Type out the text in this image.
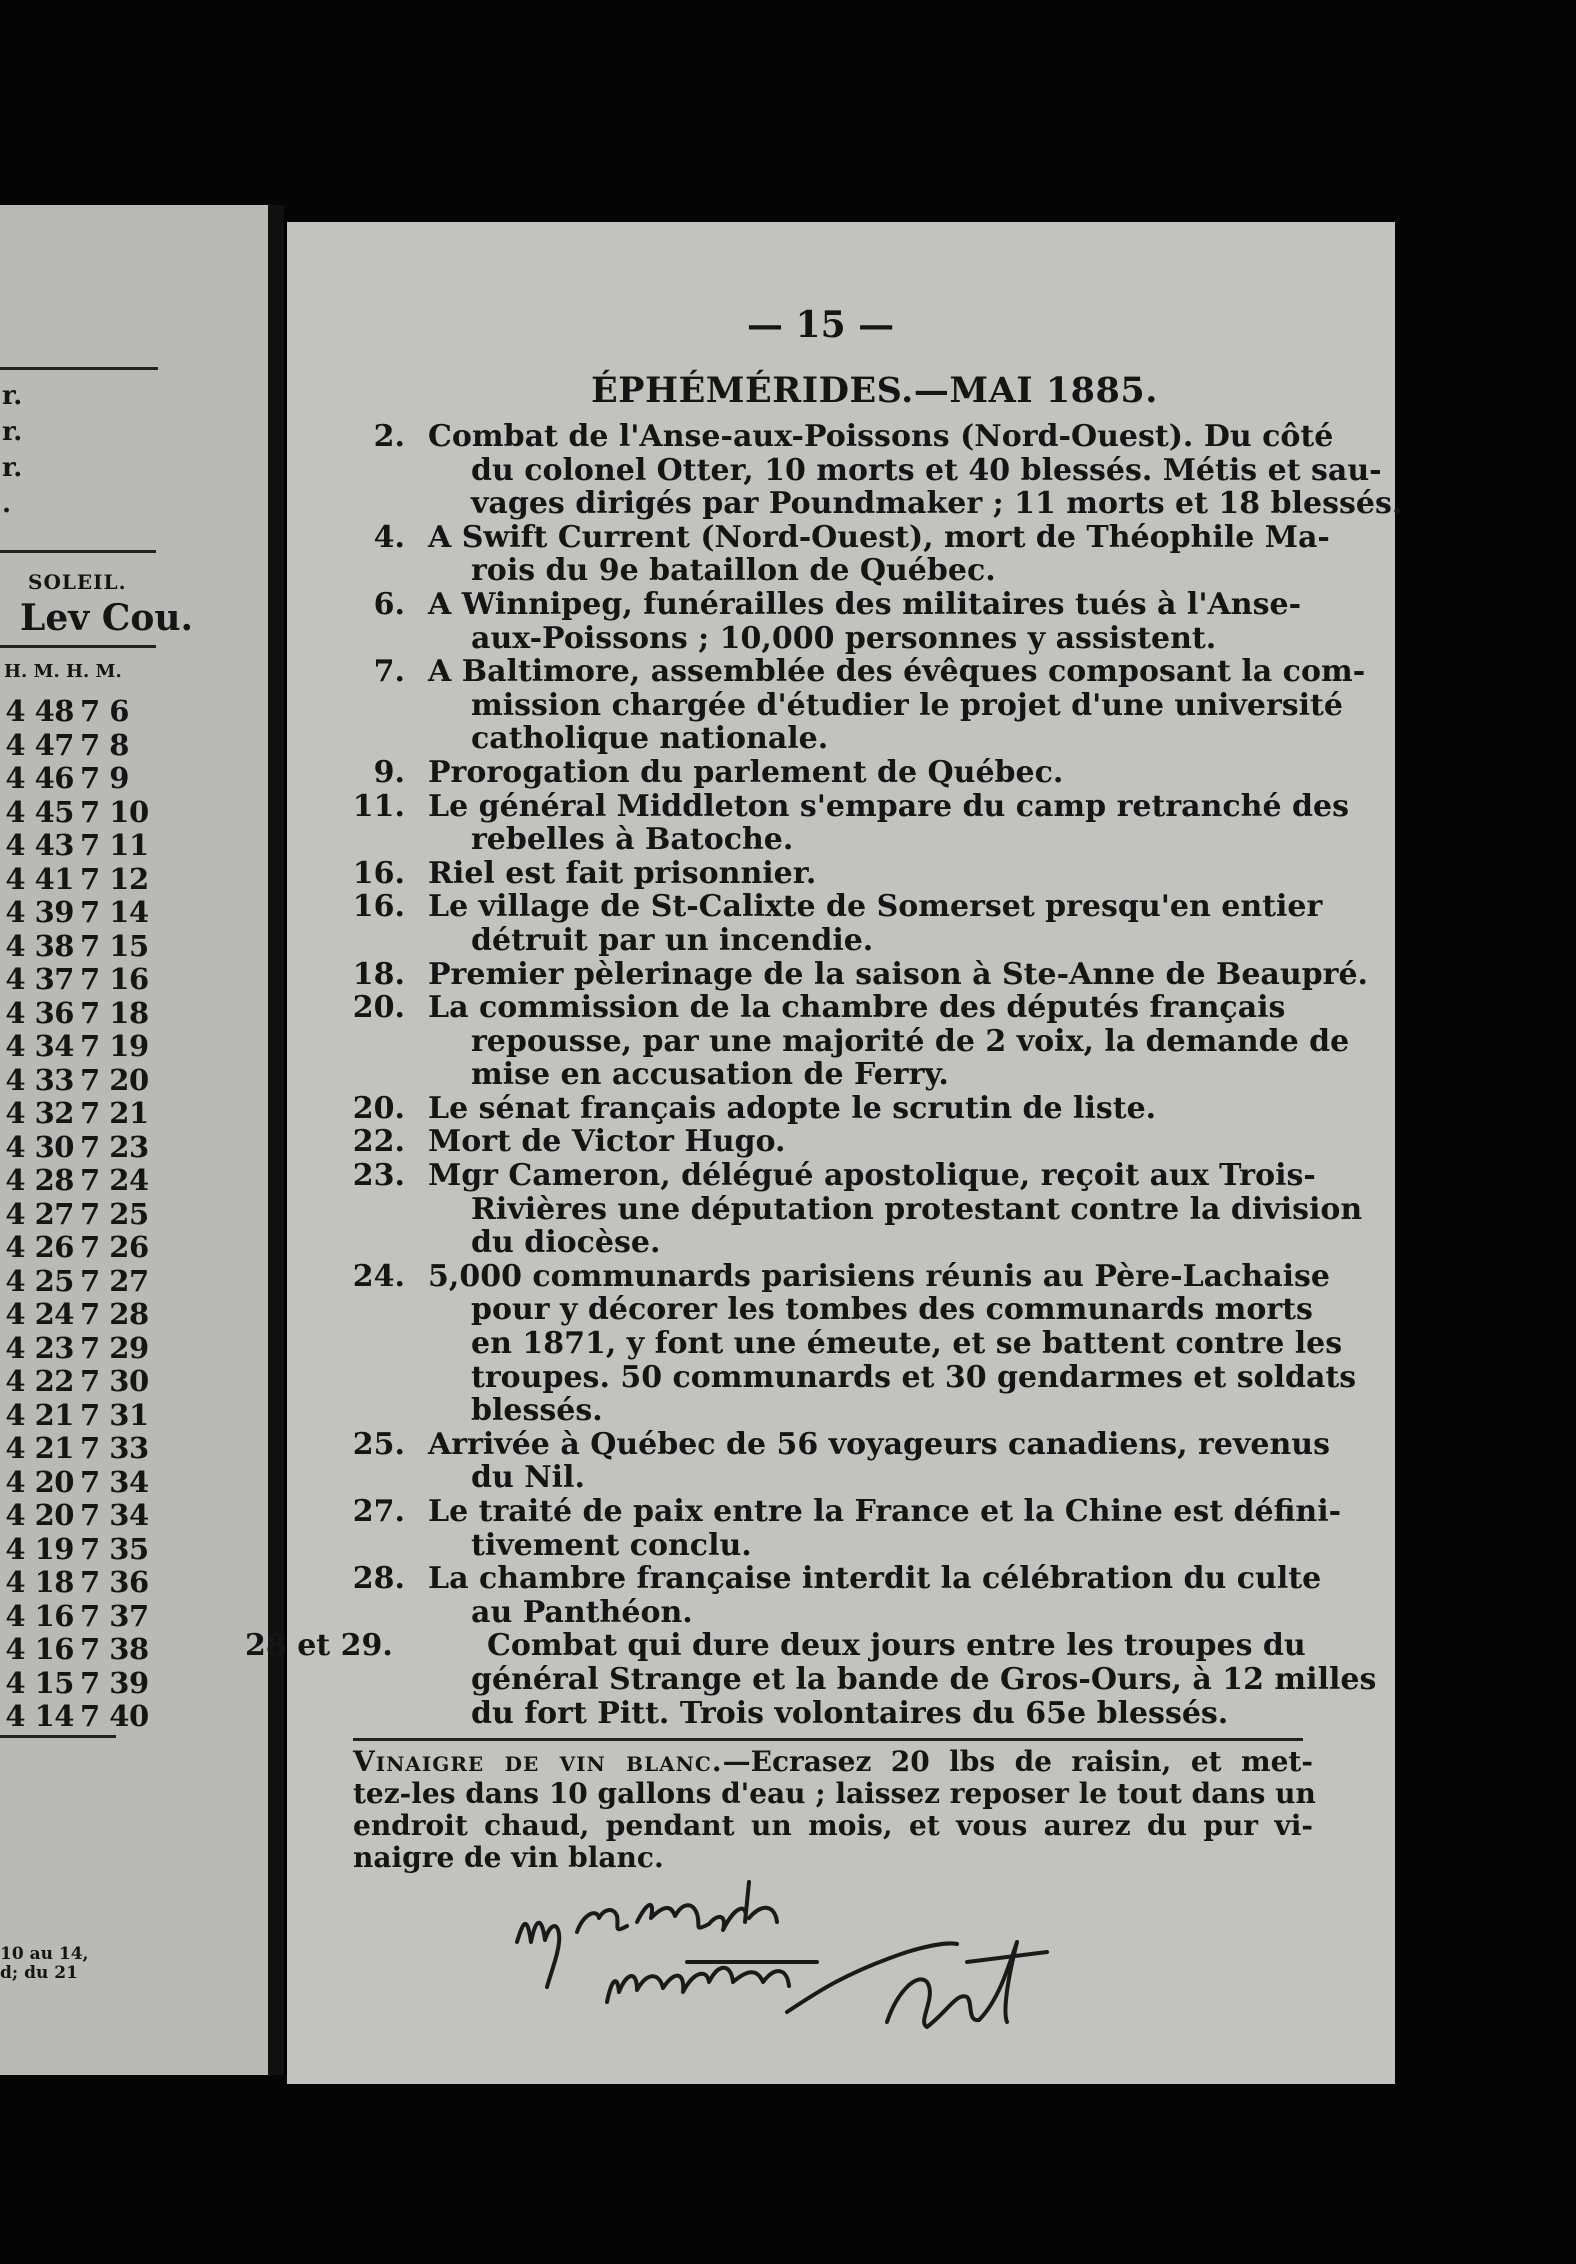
r.
r.
r.
.
SOLEIL.
Lev Cou.
H. M. H. M.
4 48 7 6
4 47 7 8
4 46 7 9
4 45 7 10
4 43 7 11
4 41 7 12
4 39 7 14
4 38 7 15
4 37 7 16
4 36 7 18
4 34 7 19
4 33 7 20
4 32 7 21
4 30 7 23
4 28 7 24
4 27 7 25
4 26 7 26
4 25 7 27
4 24 7 28
4 23 7 29
4 22 7 30
4 21 7 31
4 21 7 33
4 20 7 34
4 20 7 34
4 19 7 35
4 18 7 36
4 16 7 37
4 16 7 38
4 15 7 39
4 14 7 40
10 au 14,
d; du 21
— 15 —
ÉPHÉMÉRIDES.—MAI 1885.
2. Combat de l'Anse-aux-Poissons (Nord-Ouest). Du côté
du colonel Otter, 10 morts et 40 blessés. Métis et sau-
vages dirigés par Poundmaker ; 11 morts et 18 blessés.
4. A Swift Current (Nord-Ouest), mort de Théophile Ma-
rois du 9e bataillon de Québec.
6. A Winnipeg, funérailles des militaires tués à l'Anse-
aux-Poissons ; 10,000 personnes y assistent.
7. A Baltimore, assemblée des évêques composant la com-
mission chargée d'étudier le projet d'une université
catholique nationale.
9. Prorogation du parlement de Québec.
11. Le général Middleton s'empare du camp retranché des
rebelles à Batoche.
16. Riel est fait prisonnier.
16. Le village de St-Calixte de Somerset presqu'en entier
détruit par un incendie.
18. Premier pèlerinage de la saison à Ste-Anne de Beaupré.
20. La commission de la chambre des députés français
repousse, par une majorité de 2 voix, la demande de
mise en accusation de Ferry.
20. Le sénat français adopte le scrutin de liste.
22. Mort de Victor Hugo.
23. Mgr Cameron, délégué apostolique, reçoit aux Trois-
Rivières une députation protestant contre la division
du diocèse.
24. 5,000 communards parisiens réunis au Père-Lachaise
pour y décorer les tombes des communards morts
en 1871, y font une émeute, et se battent contre les
troupes. 50 communards et 30 gendarmes et soldats
blessés.
25. Arrivée à Québec de 56 voyageurs canadiens, revenus
du Nil.
27. Le traité de paix entre la France et la Chine est défini-
tivement conclu.
28. La chambre française interdit la célébration du culte
au Panthéon.
28 et 29.	Combat qui dure deux jours entre les troupes du
général Strange et la bande de Gros-Ours, à 12 milles
du fort Pitt. Trois volontaires du 65e blessés.
Vinaigre de vin blanc.—Ecrasez 20 lbs de raisin, et met-
tez-les dans 10 gallons d'eau ; laissez reposer le tout dans un
endroit chaud, pendant un mois, et vous aurez du pur vi-
naigre de vin blanc.
